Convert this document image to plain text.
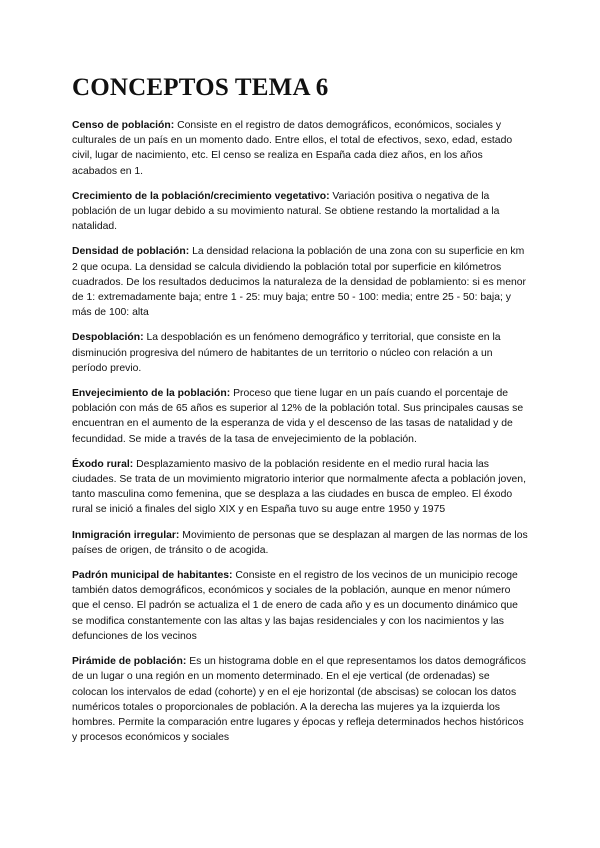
CONCEPTOS TEMA 6

Censo de población: Consiste en el registro de datos demográficos, económicos, sociales y culturales de un país en un momento dado. Entre ellos, el total de efectivos, sexo, edad, estado civil, lugar de nacimiento, etc. El censo se realiza en España cada diez años, en los años acabados en 1.

Crecimiento de la población/crecimiento vegetativo: Variación positiva o negativa de la población de un lugar debido a su movimiento natural. Se obtiene restando la mortalidad a la natalidad.

Densidad de población: La densidad relaciona la población de una zona con su superficie en km 2 que ocupa. La densidad se calcula dividiendo la población total por superficie en kilómetros cuadrados. De los resultados deducimos la naturaleza de la densidad de poblamiento: si es menor de 1: extremadamente baja; entre 1 - 25: muy baja; entre 50 - 100: media; entre 25 - 50: baja; y más de 100: alta

Despoblación: La despoblación es un fenómeno demográfico y territorial, que consiste en la disminución progresiva del número de habitantes de un territorio o núcleo con relación a un período previo.

Envejecimiento de la población: Proceso que tiene lugar en un país cuando el porcentaje de población con más de 65 años es superior al 12% de la población total. Sus principales causas se encuentran en el aumento de la esperanza de vida y el descenso de las tasas de natalidad y de fecundidad. Se mide a través de la tasa de envejecimiento de la población.

Éxodo rural: Desplazamiento masivo de la población residente en el medio rural hacia las ciudades. Se trata de un movimiento migratorio interior que normalmente afecta a población joven, tanto masculina como femenina, que se desplaza a las ciudades en busca de empleo. El éxodo rural se inició a finales del siglo XIX y en España tuvo su auge entre 1950 y 1975

Inmigración irregular: Movimiento de personas que se desplazan al margen de las normas de los países de origen, de tránsito o de acogida.

Padrón municipal de habitantes: Consiste en el registro de los vecinos de un municipio recoge también datos demográficos, económicos y sociales de la población, aunque en menor número que el censo. El padrón se actualiza el 1 de enero de cada año y es un documento dinámico que se modifica constantemente con las altas y las bajas residenciales y con los nacimientos y las defunciones de los vecinos

Pirámide de población: Es un histograma doble en el que representamos los datos demográficos de un lugar o una región en un momento determinado. En el eje vertical (de ordenadas) se colocan los intervalos de edad (cohorte) y en el eje horizontal (de abscisas) se colocan los datos numéricos totales o proporcionales de población. A la derecha las mujeres ya la izquierda los hombres. Permite la comparación entre lugares y épocas y refleja determinados hechos históricos y procesos económicos y sociales
